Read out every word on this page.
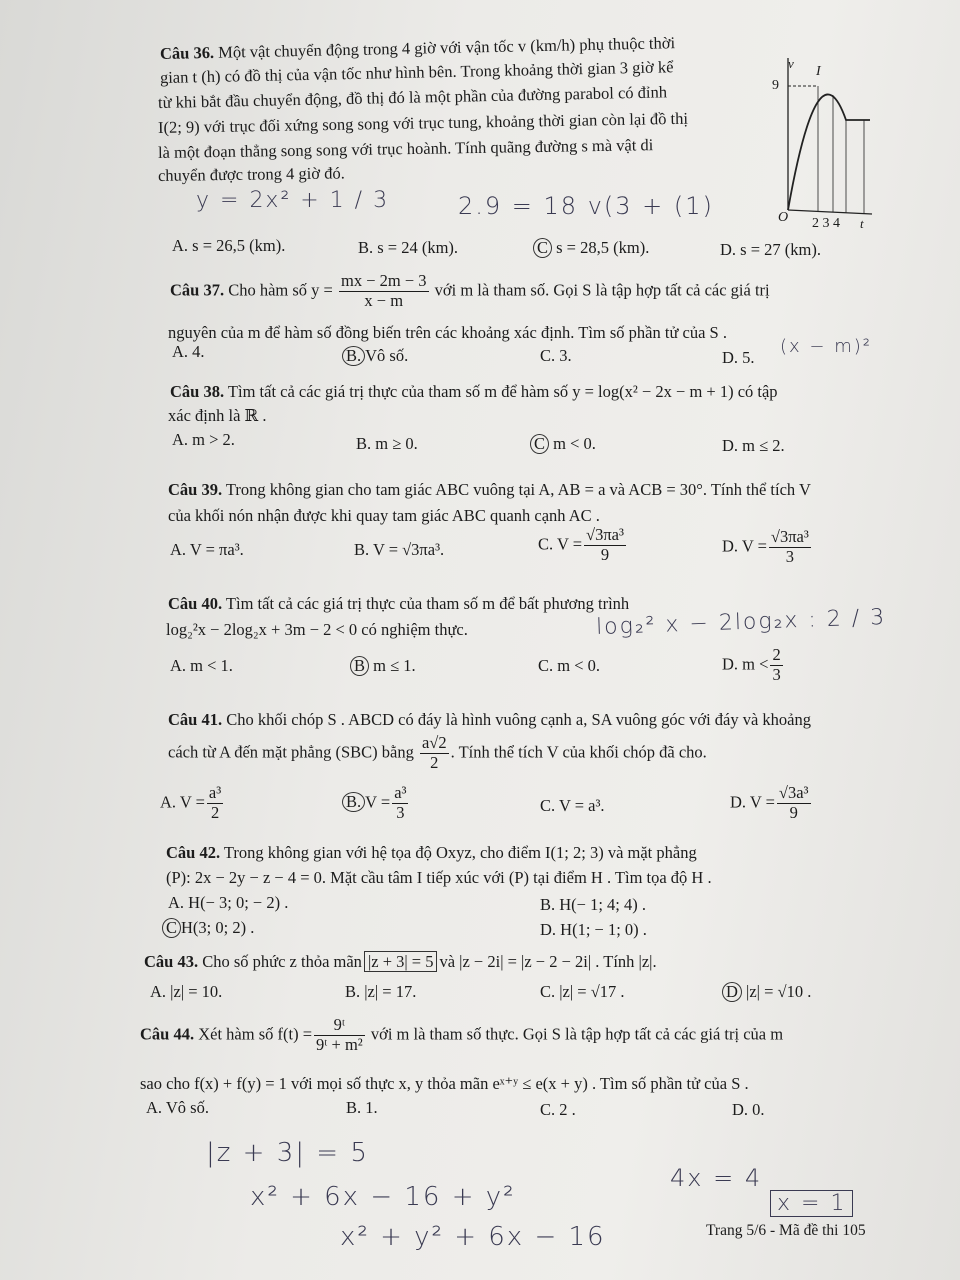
Câu 36. Một vật chuyển động trong 4 giờ với vận tốc v (km/h) phụ thuộc thời
gian t (h) có đồ thị của vận tốc như hình bên. Trong khoảng thời gian 3 giờ kể
từ khi bắt đầu chuyển động, đồ thị đó là một phần của đường parabol có đỉnh
I(2; 9) với trục đối xứng song song với trục tung, khoảng thời gian còn lại đồ thị
là một đoạn thẳng song song với trục hoành. Tính quãng đường s mà vật di
chuyển được trong 4 giờ đó.
A. s = 26,5 (km).	B. s = 24 (km).	C s = 28,5 (km).	D. s = 27 (km).
v
I
9
O 2 3 4 t
Câu 37. Cho hàm số $y = \frac{mx - 2m - 3}{x - m}$ với m là tham số. Gọi S là tập hợp tất cả các giá trị
nguyên của m để hàm số đồng biến trên các khoảng xác định. Tìm số phần tử của S .
A. 4.	B. Vô số.	C. 3.	D. 5.
Câu 38. Tìm tất cả các giá trị thực của tham số m để hàm số y = log(x² − 2x − m + 1) có tập
xác định là ℝ .
A. m > 2.	B. m ≥ 0.	C m < 0.	D. m ≤ 2.
Câu 39. Trong không gian cho tam giác ABC vuông tại A, AB = a và ACB = 30°. Tính thể tích V
của khối nón nhận được khi quay tam giác ABC quanh cạnh AC .
A. V = πa³.	B. V = √3πa³.	C. $V = \frac{\text{√3πa³}}{9}$	D. $V = \frac{\text{√3πa³}}{3}$
Câu 40. Tìm tất cả các giá trị thực của tham số m để bất phương trình
log₂²x − 2log₂x + 3m − 2 < 0 có nghiệm thực.
A. m < 1.	B m ≤ 1.	C. m < 0.	D. $m < \frac{2}{3}$
Câu 41. Cho khối chóp S . ABCD có đáy là hình vuông cạnh a, SA vuông góc với đáy và khoảng
cách từ A đến mặt phẳng (SBC) bằng $\frac{a√2}{2}$ . Tính thể tích V của khối chóp đã cho.
A. $V = \frac{\text{a³}}{2}$	B. $V = \frac{\text{a³}}{3}$	C. V = a³.	D. $V = \frac{\text{√3a³}}{9}$
Câu 42. Trong không gian với hệ tọa độ Oxyz, cho điểm I(1; 2; 3) và mặt phẳng
(P): 2x − 2y − z − 4 = 0. Mặt cầu tâm I tiếp xúc với (P) tại điểm H . Tìm tọa độ H .
A. H(− 3; 0; − 2) .	B. H(− 1; 4; 4) .
C H(3; 0; 2) .	D. H(1; − 1; 0) .
Câu 43. Cho số phức z thỏa mãn |z + 3| = 5 và |z − 2i| = |z − 2 − 2i| . Tính |z|.
A. |z| = 10.	B. |z| = 17.	C. |z| = √17 .	D |z| = √10 .
Câu 44. Xét hàm số $f(t) = \frac{\text{9ᵗ}}{\text{9ᵗ + m²}}$ với m là tham số thực. Gọi S là tập hợp tất cả các giá trị của m
sao cho f(x) + f(y) = 1 với mọi số thực x, y thỏa mãn eˣ⁺ʸ ≤ e(x + y) . Tìm số phần tử của S .
A. Vô số.	B. 1.	C. 2 .	D. 0.
y = 2x² + 1 / 3	2.9 = 18 v(3 + (1)
(x − m)²
log₂² x − 2log₂x : 2 / 3
|z + 3| = 5
x² + 6x − 16 + y²
x² + y² + 6x − 16
4x = 4
x = 1
Trang 5/6 - Mã đề thi 105
